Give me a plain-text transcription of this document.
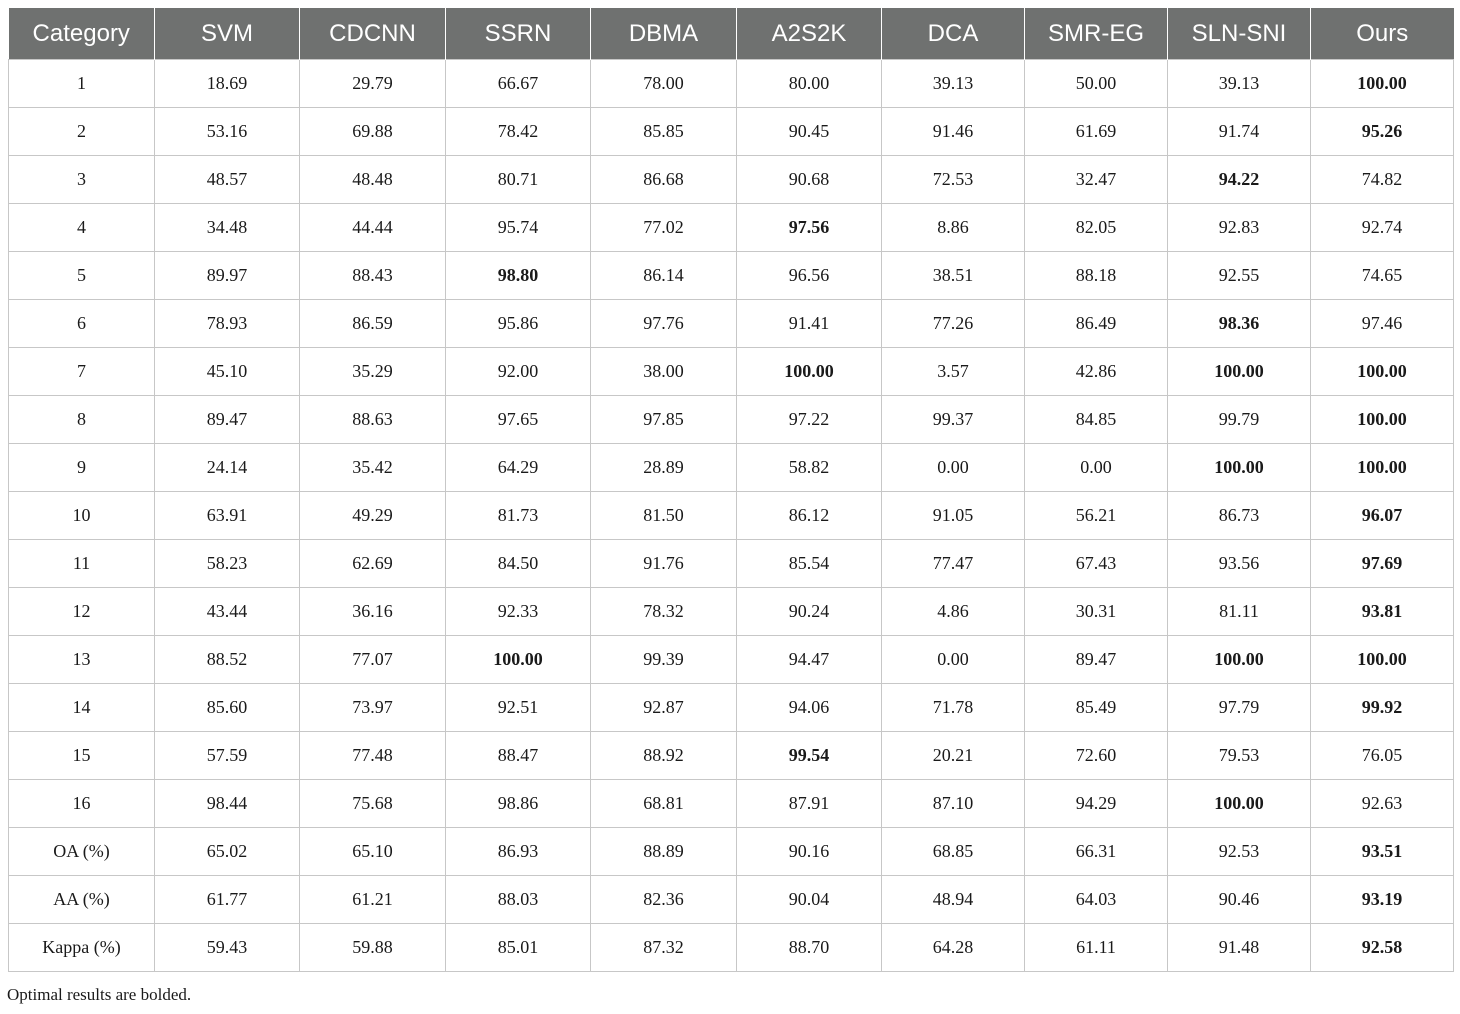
Category	SVM	CDCNN	SSRN	DBMA	A2S2K	DCA	SMR-EG	SLN-SNI	Ours
1	18.69	29.79	66.67	78.00	80.00	39.13	50.00	39.13	100.00
2	53.16	69.88	78.42	85.85	90.45	91.46	61.69	91.74	95.26
3	48.57	48.48	80.71	86.68	90.68	72.53	32.47	94.22	74.82
4	34.48	44.44	95.74	77.02	97.56	8.86	82.05	92.83	92.74
5	89.97	88.43	98.80	86.14	96.56	38.51	88.18	92.55	74.65
6	78.93	86.59	95.86	97.76	91.41	77.26	86.49	98.36	97.46
7	45.10	35.29	92.00	38.00	100.00	3.57	42.86	100.00	100.00
8	89.47	88.63	97.65	97.85	97.22	99.37	84.85	99.79	100.00
9	24.14	35.42	64.29	28.89	58.82	0.00	0.00	100.00	100.00
10	63.91	49.29	81.73	81.50	86.12	91.05	56.21	86.73	96.07
11	58.23	62.69	84.50	91.76	85.54	77.47	67.43	93.56	97.69
12	43.44	36.16	92.33	78.32	90.24	4.86	30.31	81.11	93.81
13	88.52	77.07	100.00	99.39	94.47	0.00	89.47	100.00	100.00
14	85.60	73.97	92.51	92.87	94.06	71.78	85.49	97.79	99.92
15	57.59	77.48	88.47	88.92	99.54	20.21	72.60	79.53	76.05
16	98.44	75.68	98.86	68.81	87.91	87.10	94.29	100.00	92.63
OA (%)	65.02	65.10	86.93	88.89	90.16	68.85	66.31	92.53	93.51
AA (%)	61.77	61.21	88.03	82.36	90.04	48.94	64.03	90.46	93.19
Kappa (%)	59.43	59.88	85.01	87.32	88.70	64.28	61.11	91.48	92.58
Optimal results are bolded.
